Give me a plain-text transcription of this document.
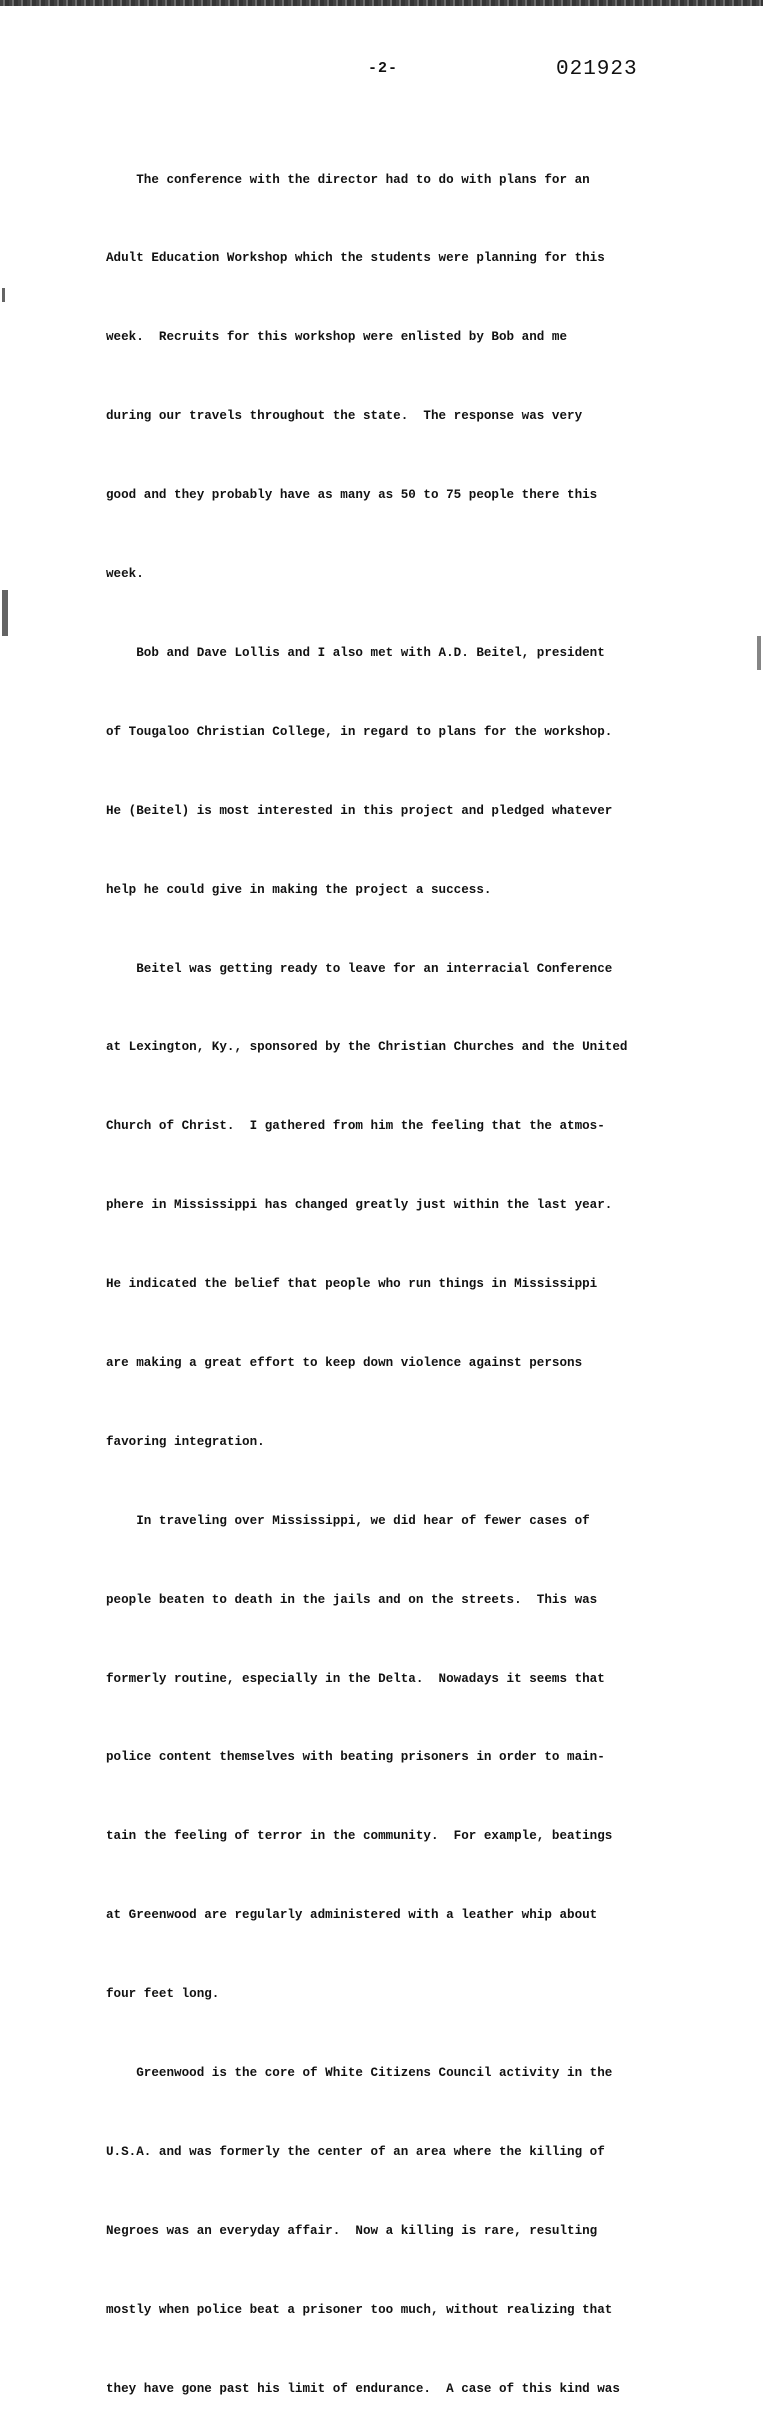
-2-	021923

The conference with the director had to do with plans for an

Adult Education Workshop which the students were planning for this

week.  Recruits for this workshop were enlisted by Bob and me

during our travels throughout the state.  The response was very

good and they probably have as many as 50 to 75 people there this

week.

Bob and Dave Lollis and I also met with A.D. Beitel, president

of Tougaloo Christian College, in regard to plans for the workshop.

He (Beitel) is most interested in this project and pledged whatever

help he could give in making the project a success.

Beitel was getting ready to leave for an interracial Conference

at Lexington, Ky., sponsored by the Christian Churches and the United

Church of Christ.  I gathered from him the feeling that the atmos-

phere in Mississippi has changed greatly just within the last year.

He indicated the belief that people who run things in Mississippi

are making a great effort to keep down violence against persons

favoring integration.

In traveling over Mississippi, we did hear of fewer cases of

people beaten to death in the jails and on the streets.  This was

formerly routine, especially in the Delta.  Nowadays it seems that

police content themselves with beating prisoners in order to main-

tain the feeling of terror in the community.  For example, beatings

at Greenwood are regularly administered with a leather whip about

four feet long.

Greenwood is the core of White Citizens Council activity in the

U.S.A. and was formerly the center of an area where the killing of

Negroes was an everyday affair.  Now a killing is rare, resulting

mostly when police beat a prisoner too much, without realizing that

they have gone past his limit of endurance.  A case of this kind was
